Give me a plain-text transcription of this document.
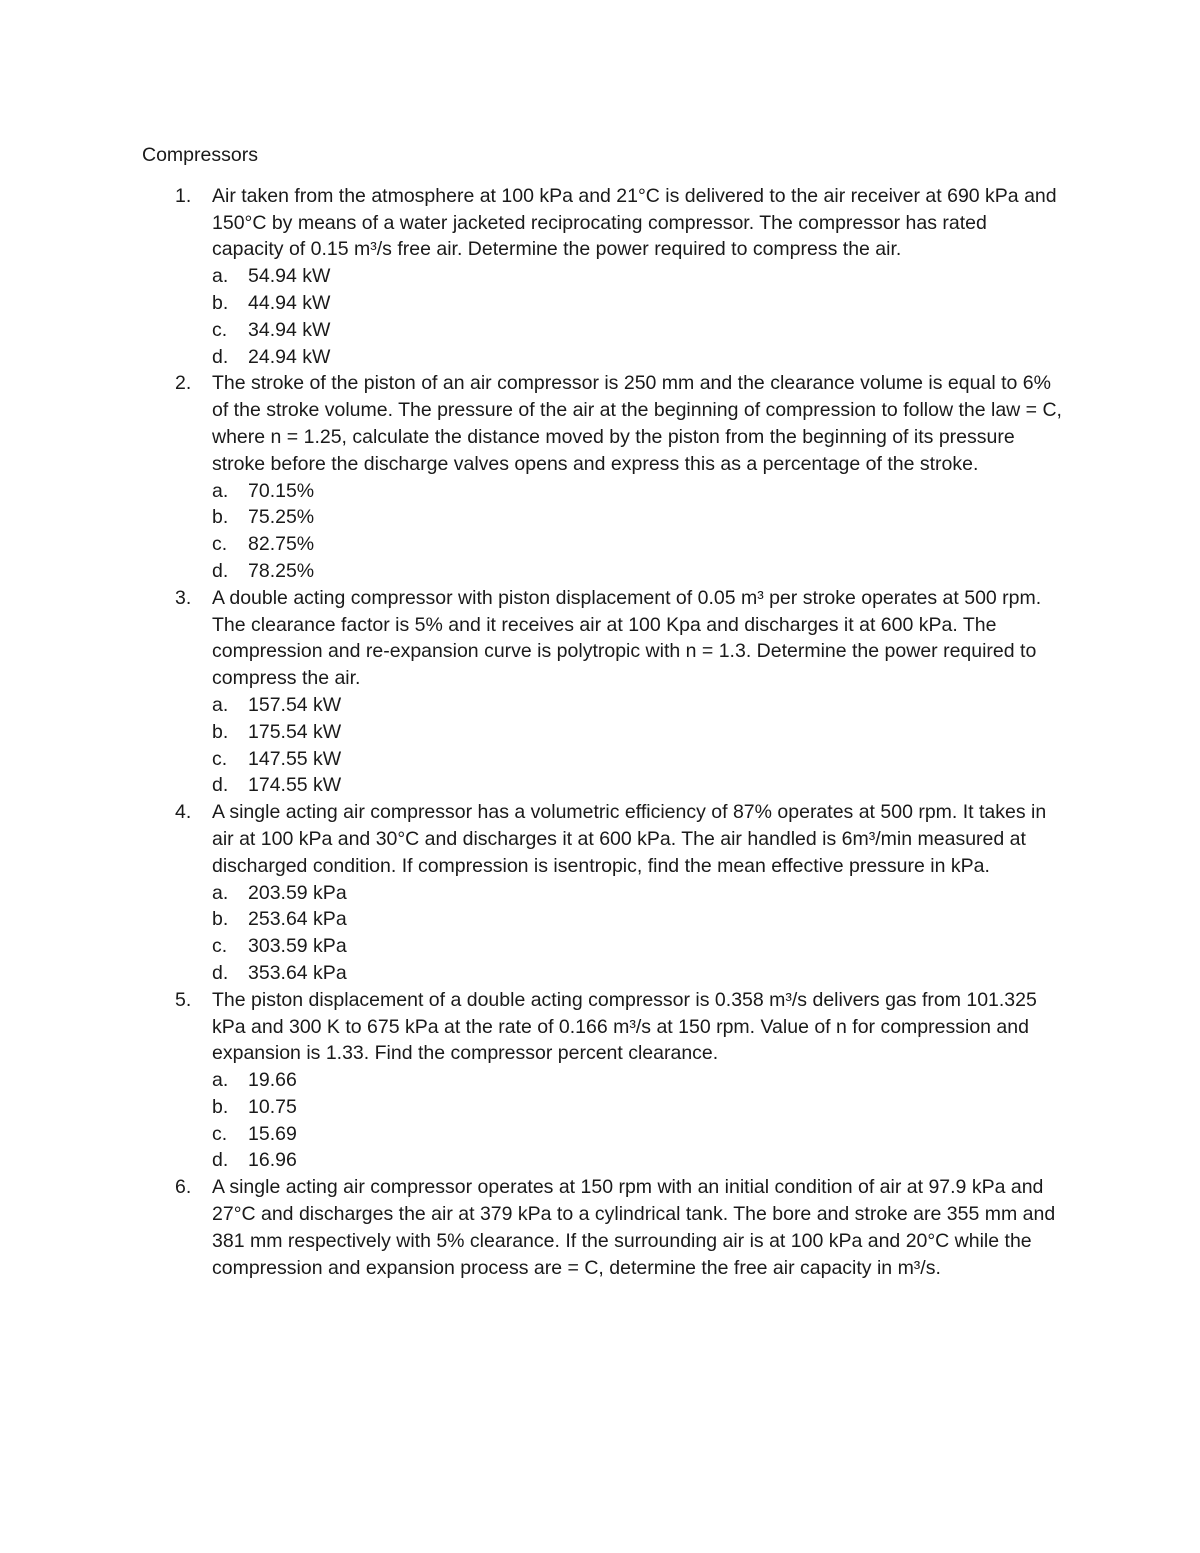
Compressors
1. Air taken from the atmosphere at 100 kPa and 21°C is delivered to the air receiver at 690 kPa and 150°C by means of a water jacketed reciprocating compressor. The compressor has rated capacity of 0.15 m³/s free air. Determine the power required to compress the air.
a. 54.94 kW
b. 44.94 kW
c. 34.94 kW
d. 24.94 kW
2. The stroke of the piston of an air compressor is 250 mm and the clearance volume is equal to 6% of the stroke volume. The pressure of the air at the beginning of compression to follow the law = C, where n = 1.25, calculate the distance moved by the piston from the beginning of its pressure stroke before the discharge valves opens and express this as a percentage of the stroke.
a. 70.15%
b. 75.25%
c. 82.75%
d. 78.25%
3. A double acting compressor with piston displacement of 0.05 m³ per stroke operates at 500 rpm. The clearance factor is 5% and it receives air at 100 Kpa and discharges it at 600 kPa. The compression and re-expansion curve is polytropic with n = 1.3. Determine the power required to compress the air.
a. 157.54 kW
b. 175.54 kW
c. 147.55 kW
d. 174.55 kW
4. A single acting air compressor has a volumetric efficiency of 87% operates at 500 rpm. It takes in air at 100 kPa and 30°C and discharges it at 600 kPa. The air handled is 6m³/min measured at discharged condition. If compression is isentropic, find the mean effective pressure in kPa.
a. 203.59 kPa
b. 253.64 kPa
c. 303.59 kPa
d. 353.64 kPa
5. The piston displacement of a double acting compressor is 0.358 m³/s delivers gas from 101.325 kPa and 300 K to 675 kPa at the rate of 0.166 m³/s at 150 rpm. Value of n for compression and expansion is 1.33. Find the compressor percent clearance.
a. 19.66
b. 10.75
c. 15.69
d. 16.96
6. A single acting air compressor operates at 150 rpm with an initial condition of air at 97.9 kPa and 27°C and discharges the air at 379 kPa to a cylindrical tank. The bore and stroke are 355 mm and 381 mm respectively with 5% clearance. If the surrounding air is at 100 kPa and 20°C while the compression and expansion process are = C, determine the free air capacity in m³/s.
